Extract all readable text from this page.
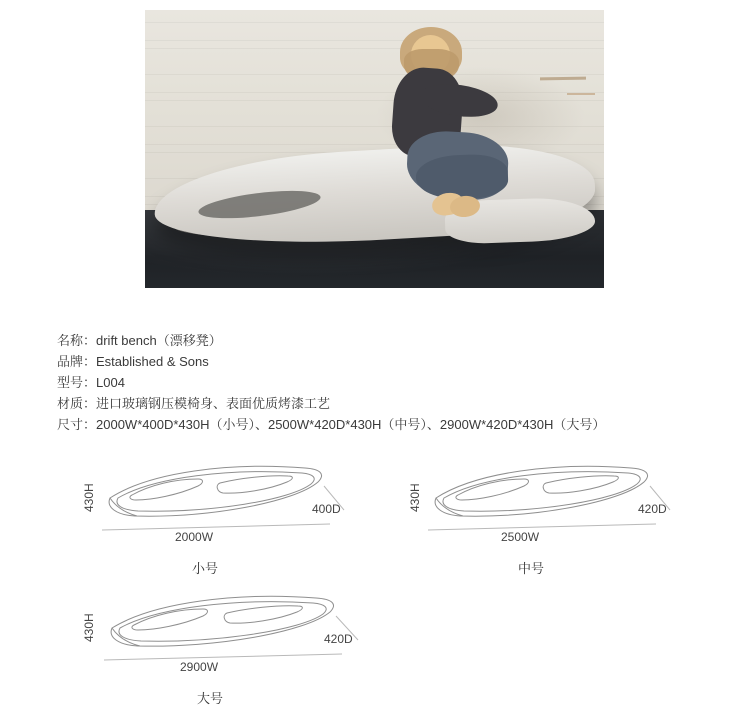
名称：drift bench（漂移凳）
品牌：Established & Sons
型号：L004
材质：进口玻璃钢压模椅身、表面优质烤漆工艺
尺寸：2000W*400D*430H（小号）、2500W*420D*430H（中号）、2900W*420D*430H（大号）
430H
2000W
400D
小号
430H
2500W
420D
中号
430H
2900W
420D
大号
